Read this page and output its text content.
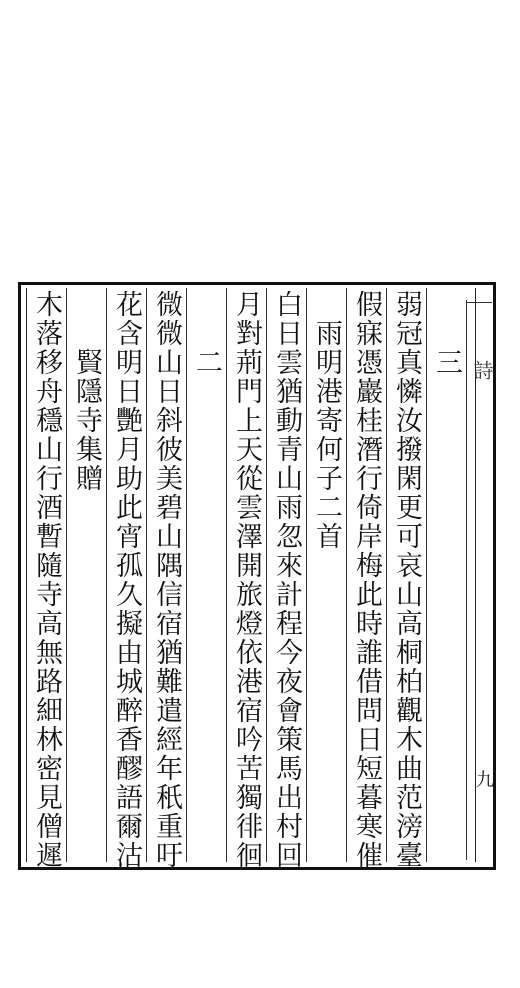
木落移舟穩山行酒暫隨寺高無路細林密見僧遲 　　賢隱寺集贈 花含明日艷月助此宵孤久擬由城醉香醪語爾沽 微微山日斜彼美碧山隅信宿猶難遣經年秖重吁 　　二 月對荊門上天從雲澤開旅燈依港宿吟苦獨徘徊 白日雲猶動青山雨忽來計程今夜會策馬出村回 　雨明港寄何子二首 假寐憑巖桂潛行倚岸梅此時誰借問日短暮寒催 弱冠真憐汝撥閑更可哀山高桐柏觀木曲范滂臺 　　三 詩
九
